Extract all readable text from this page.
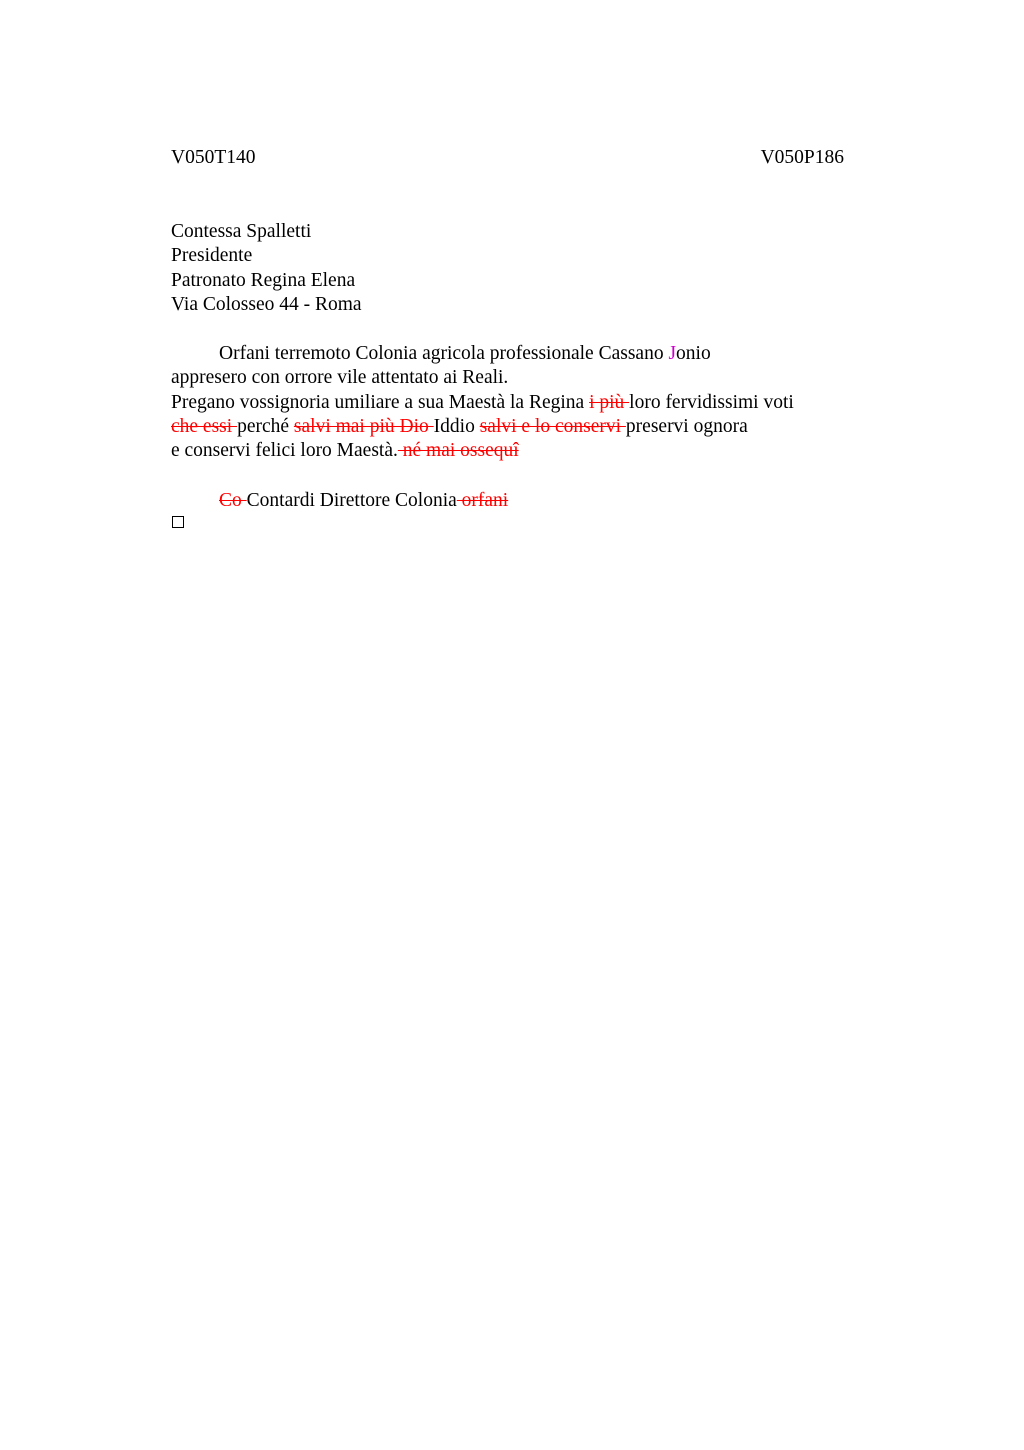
V050T140	V050P186
Contessa Spalletti
Presidente
Patronato Regina Elena
Via Colosseo 44 - Roma
Orfani terremoto Colonia agricola professionale Cassano Jonio
appresero con orrore vile attentato ai Reali.
Pregano vossignoria umiliare a sua Maestà la Regina i più loro fervidissimi voti
che essi perché salvi mai più Dio Iddio salvi e lo conservi preservi ognora
e conservi felici loro Maestà. né mai ossequî
Co Contardi Direttore Colonia orfani
